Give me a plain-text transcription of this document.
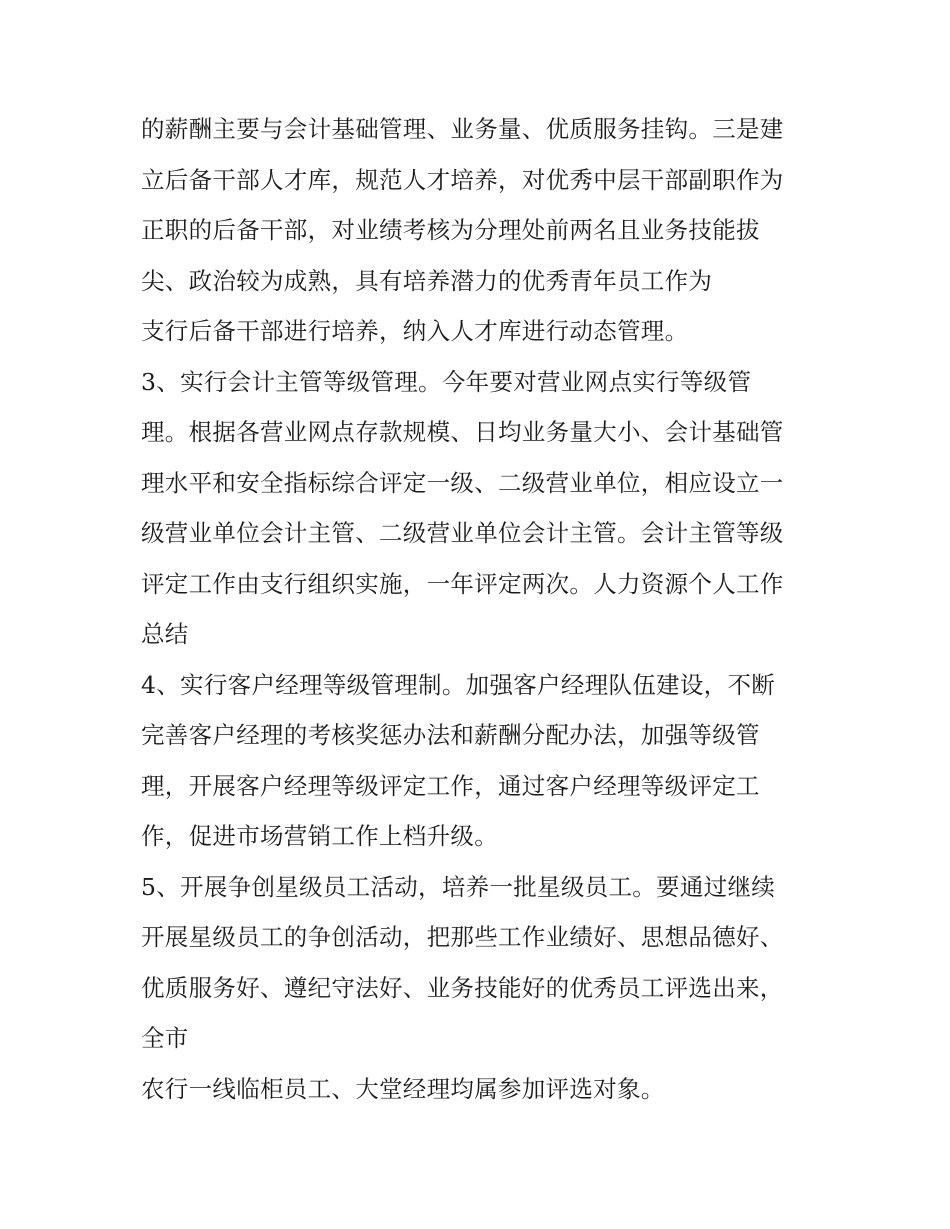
的薪酬主要与会计基础管理、业务量、优质服务挂钩。三是建

立后备干部人才库，规范人才培养，对优秀中层干部副职作为

正职的后备干部，对业绩考核为分理处前两名且业务技能拔

尖、政治较为成熟，具有培养潜力的优秀青年员工作为

支行后备干部进行培养，纳入人才库进行动态管理。

3、实行会计主管等级管理。今年要对营业网点实行等级管

理。根据各营业网点存款规模、日均业务量大小、会计基础管

理水平和安全指标综合评定一级、二级营业单位，相应设立一

级营业单位会计主管、二级营业单位会计主管。会计主管等级

评定工作由支行组织实施，一年评定两次。人力资源个人工作

总结

4、实行客户经理等级管理制。加强客户经理队伍建设，不断

完善客户经理的考核奖惩办法和薪酬分配办法，加强等级管

理，开展客户经理等级评定工作，通过客户经理等级评定工

作，促进市场营销工作上档升级。

5、开展争创星级员工活动，培养一批星级员工。要通过继续

开展星级员工的争创活动，把那些工作业绩好、思想品德好、

优质服务好、遵纪守法好、业务技能好的优秀员工评选出来，

全市

农行一线临柜员工、大堂经理均属参加评选对象。
